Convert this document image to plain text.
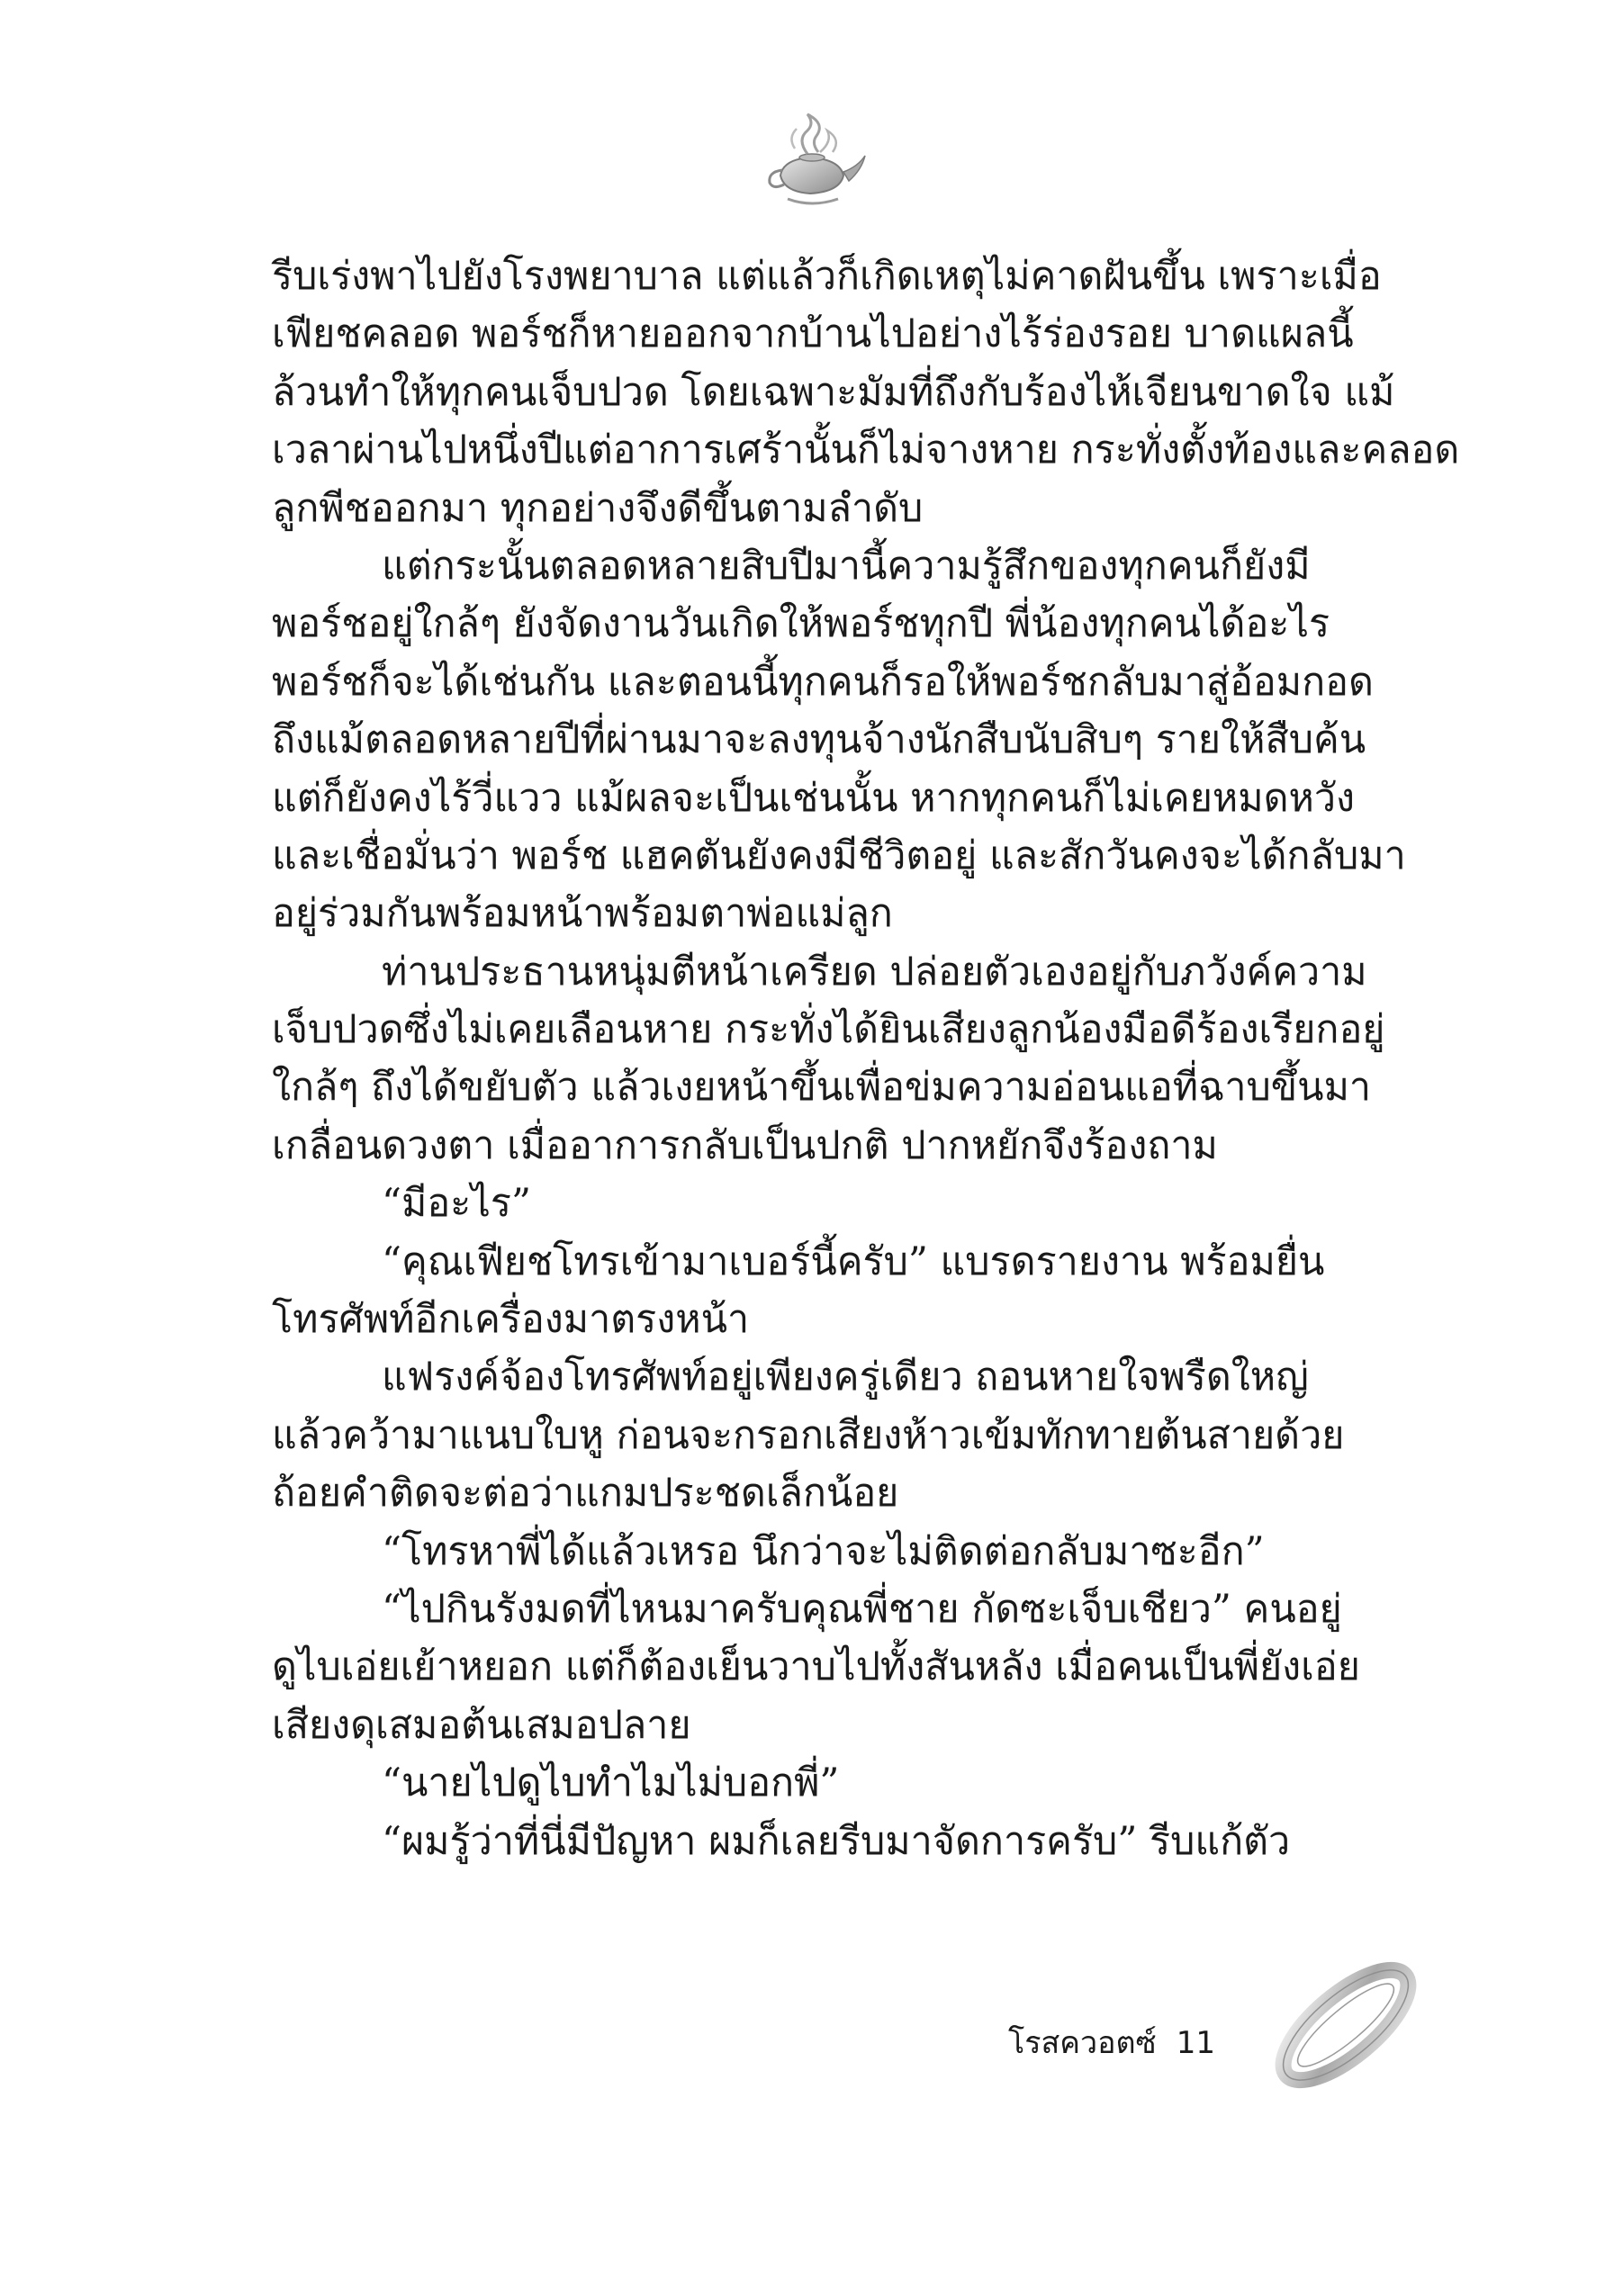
รีบเร่งพาไปยังโรงพยาบาล แต่แล้วก็เกิดเหตุไม่คาดฝันขึ้น เพราะเมื่อ
เฟียชคลอด พอร์ชก็หายออกจากบ้านไปอย่างไร้ร่องรอย บาดแผลนี้
ล้วนทำให้ทุกคนเจ็บปวด โดยเฉพาะมัมที่ถึงกับร้องไห้เจียนขาดใจ แม้
เวลาผ่านไปหนึ่งปีแต่อาการเศร้านั้นก็ไม่จางหาย กระทั่งตั้งท้องและคลอด
ลูกพีชออกมา ทุกอย่างจึงดีขึ้นตามลำดับ
แต่กระนั้นตลอดหลายสิบปีมานี้ความรู้สึกของทุกคนก็ยังมี
พอร์ชอยู่ใกล้ๆ ยังจัดงานวันเกิดให้พอร์ชทุกปี พี่น้องทุกคนได้อะไร
พอร์ชก็จะได้เช่นกัน และตอนนี้ทุกคนก็รอให้พอร์ชกลับมาสู่อ้อมกอด
ถึงแม้ตลอดหลายปีที่ผ่านมาจะลงทุนจ้างนักสืบนับสิบๆ รายให้สืบค้น
แต่ก็ยังคงไร้วี่แวว แม้ผลจะเป็นเช่นนั้น หากทุกคนก็ไม่เคยหมดหวัง
และเชื่อมั่นว่า พอร์ช แฮคตันยังคงมีชีวิตอยู่ และสักวันคงจะได้กลับมา
อยู่ร่วมกันพร้อมหน้าพร้อมตาพ่อแม่ลูก
ท่านประธานหนุ่มตีหน้าเครียด ปล่อยตัวเองอยู่กับภวังค์ความ
เจ็บปวดซึ่งไม่เคยเลือนหาย กระทั่งได้ยินเสียงลูกน้องมือดีร้องเรียกอยู่
ใกล้ๆ ถึงได้ขยับตัว แล้วเงยหน้าขึ้นเพื่อข่มความอ่อนแอที่ฉาบขึ้นมา
เกลื่อนดวงตา เมื่ออาการกลับเป็นปกติ ปากหยักจึงร้องถาม
“มีอะไร”
“คุณเฟียชโทรเข้ามาเบอร์นี้ครับ” แบรดรายงาน พร้อมยื่น
โทรศัพท์อีกเครื่องมาตรงหน้า
แฟรงค์จ้องโทรศัพท์อยู่เพียงครู่เดียว ถอนหายใจพรืดใหญ่
แล้วคว้ามาแนบใบหู ก่อนจะกรอกเสียงห้าวเข้มทักทายต้นสายด้วย
ถ้อยคำติดจะต่อว่าแกมประชดเล็กน้อย
“โทรหาพี่ได้แล้วเหรอ นึกว่าจะไม่ติดต่อกลับมาซะอีก”
“ไปกินรังมดที่ไหนมาครับคุณพี่ชาย กัดซะเจ็บเชียว” คนอยู่
ดูไบเอ่ยเย้าหยอก แต่ก็ต้องเย็นวาบไปทั้งสันหลัง เมื่อคนเป็นพี่ยังเอ่ย
เสียงดุเสมอต้นเสมอปลาย
“นายไปดูไบทำไมไม่บอกพี่”
“ผมรู้ว่าที่นี่มีปัญหา ผมก็เลยรีบมาจัดการครับ” รีบแก้ตัว
โรสควอตซ์ 11
